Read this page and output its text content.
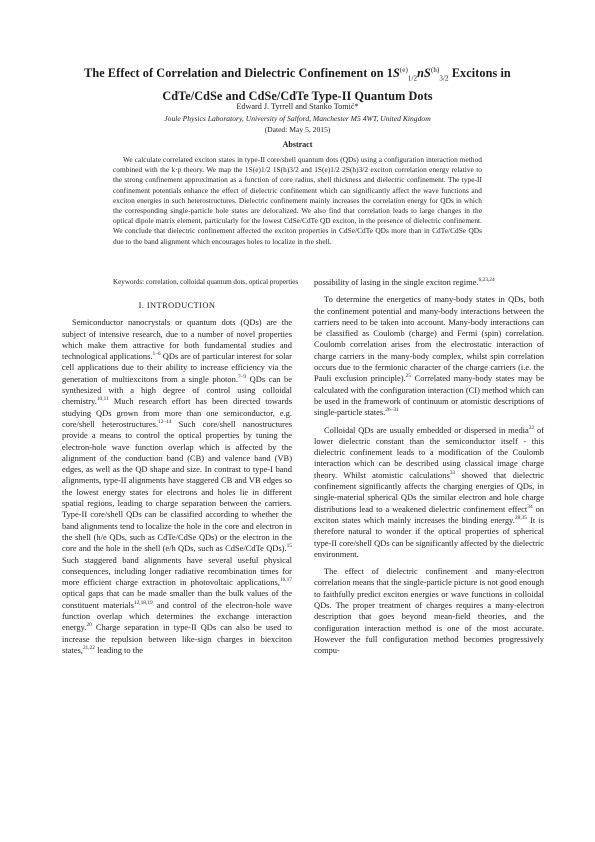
The Effect of Correlation and Dielectric Confinement on $1S^{(e)}_{1/2}nS^{(h)}_{3/2}$ Excitons in CdTe/CdSe and CdSe/CdTe Type-II Quantum Dots
Edward J. Tyrrell and Stanko Tomić*
Joule Physics Laboratory, University of Salford, Manchester M5 4WT, United Kingdom
(Dated: May 5, 2015)
Abstract
We calculate correlated exciton states in type-II core/shell quantum dots (QDs) using a configuration interaction method combined with the k·p theory. We map the 1S(e)1/2 1S(h)3/2 and 1S(e)1/2 2S(h)3/2 exciton correlation energy relative to the strong confinement approximation as a function of core radius, shell thickness and dielectric confinement. The type-II confinement potentials enhance the effect of dielectric confinement which can significantly affect the wave functions and exciton energies in such heterostructures. Dielectric confinement mainly increases the correlation energy for QDs in which the corresponding single-particle hole states are delocalized. We also find that correlation leads to large changes in the optical dipole matrix element, particularly for the lowest CdSe/CdTe QD exciton, in the presence of dielectric confinement. We conclude that dielectric confinement affected the exciton properties in CdSe/CdTe QDs more than in CdTe/CdSe QDs due to the band alignment which encourages holes to localize in the shell.
Keywords: correlation, colloidal quantum dots, optical properties

I. INTRODUCTION

Semiconductor nanocrystals or quantum dots (QDs) are the subject of intensive research, due to a number of novel properties which make them attractive for both fundamental studies and technological applications.$^{1-6}$ QDs are of particular interest for solar cell applications due to their ability to increase efficiency via the generation of multiexcitons from a single photon.$^{7-9}$ QDs can be synthesized with a high degree of control using colloidal chemistry.$^{10,11}$ Much research effort has been directed towards studying QDs grown from more than one semiconductor, e.g. core/shell heterostructures.$^{12-14}$ Such core/shell nanostructures provide a means to control the optical properties by tuning the electron-hole wave function overlap which is affected by the alignment of the conduction band (CB) and valence band (VB) edges, as well as the QD shape and size. In contrast to type-I band alignments, type-II alignments have staggered CB and VB edges so the lowest energy states for electrons and holes lie in different spatial regions, leading to charge separation between the carriers. Type-II core/shell QDs can be classified according to whether the band alignments tend to localize the hole in the core and electron in the shell (h/e QDs, such as CdTe/CdSe QDs) or the electron in the core and the hole in the shell (e/h QDs, such as CdSe/CdTe QDs).$^{15}$ Such staggered band alignments have several useful physical consequences, including longer radiative recombination times for more efficient charge extraction in photovoltaic applications,$^{16,17}$ optical gaps that can be made smaller than the bulk values of the constituent materials$^{12,18,19}$ and control of the electron-hole wave function overlap which determines the exchange interaction energy.$^{20}$ Charge separation in type-II QDs can also be used to increase the repulsion between like-sign charges in biexciton states,$^{21,22}$ leading to the

possibility of lasing in the single exciton regime.$^{6,23,24}$

To determine the energetics of many-body states in QDs, both the confinement potential and many-body interactions between the carriers need to be taken into account. Many-body interactions can be classified as Coulomb (charge) and Fermi (spin) correlation. Coulomb correlation arises from the electrostatic interaction of charge carriers in the many-body complex, whilst spin correlation occurs due to the fermionic character of the charge carriers (i.e. the Pauli exclusion principle).$^{25}$ Correlated many-body states may be calculated with the configuration interaction (CI) method which can be used in the framework of continuum or atomistic descriptions of single-particle states.$^{26-31}$

Colloidal QDs are usually embedded or dispersed in media$^{32}$ of lower dielectric constant than the semiconductor itself - this dielectric confinement leads to a modification of the Coulomb interaction which can be described using classical image charge theory. Whilst atomistic calculations$^{33}$ showed that dielectric confinement significantly affects the charging energies of QDs, in single-material spherical QDs the similar electron and hole charge distributions lead to a weakened dielectric confinement effect$^{34}$ on exciton states which mainly increases the binding energy.$^{28,35}$ It is therefore natural to wonder if the optical properties of spherical type-II core/shell QDs can be significantly affected by the dielectric environment.

The effect of dielectric confinement and many-electron correlation means that the single-particle picture is not good enough to faithfully predict exciton energies or wave functions in colloidal QDs. The proper treatment of charges requires a many-electron description that goes beyond mean-field theories, and the configuration interaction method is one of the most accurate. However the full configuration method becomes progressively compu-
